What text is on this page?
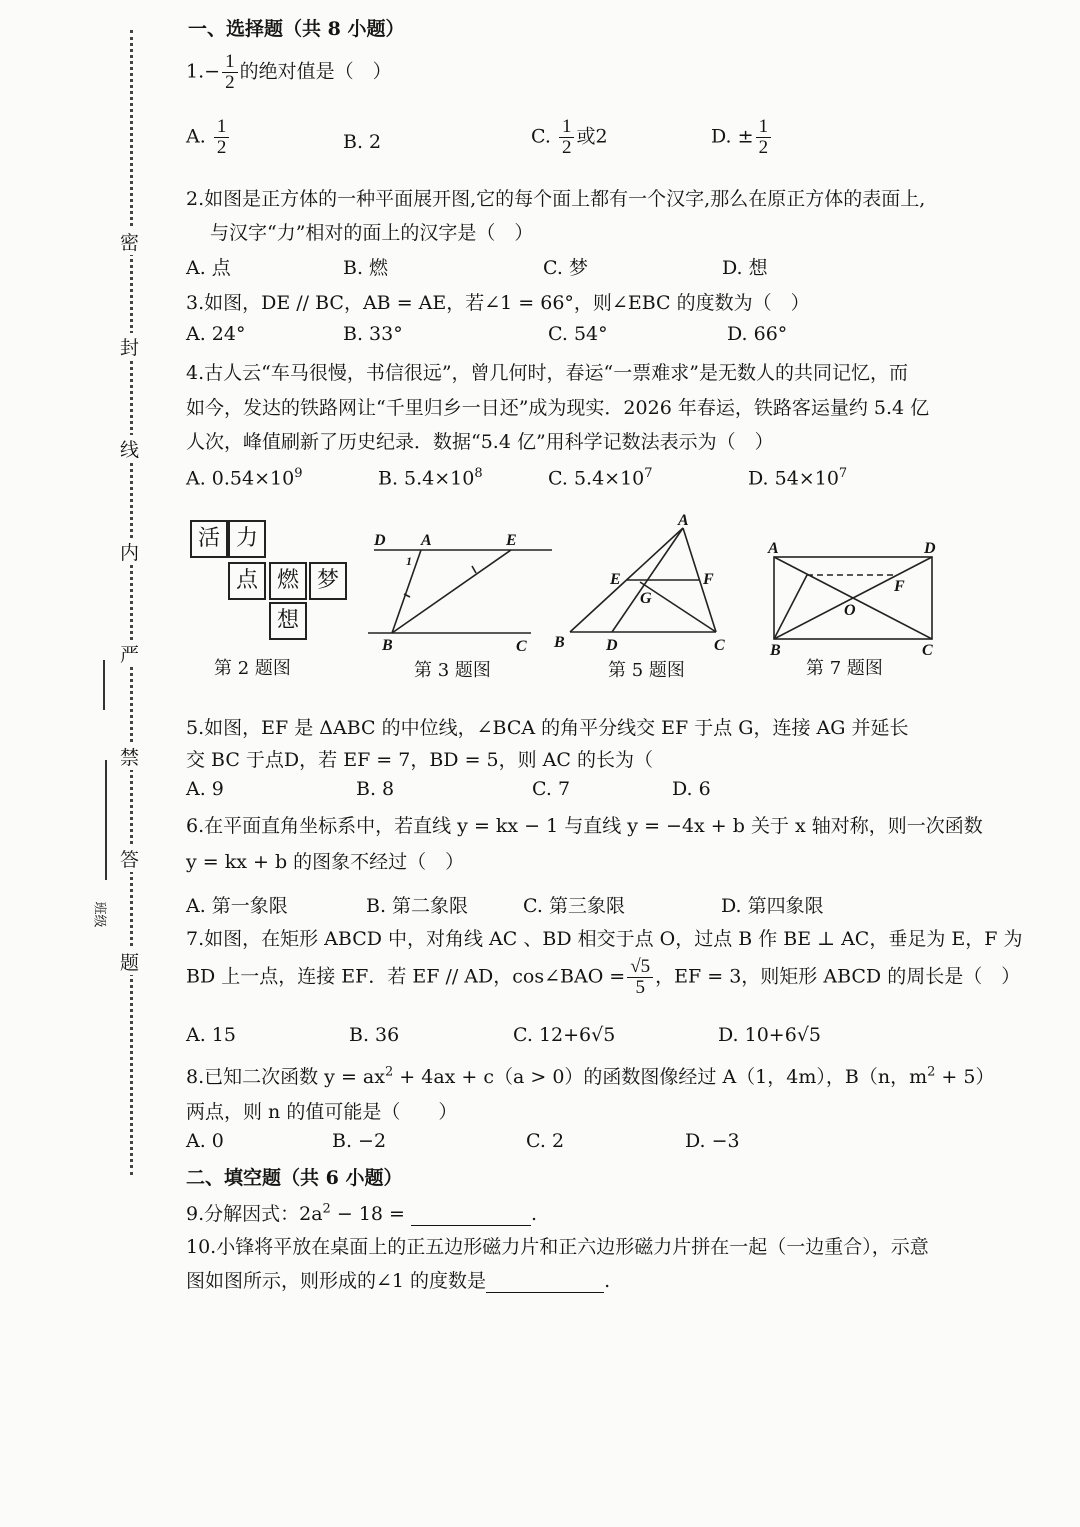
密
封
线
内
严
禁
答
题
班级
一、选择题（共 8 小题）
$1.- \frac{1}{2}$ 的绝对值是（　）
A. $\frac{1}{2}$	B. 2	C. $\frac{1}{2}$ 或2	D. ± $\frac{1}{2}$
2.如图是正方体的一种平面展开图,它的每个面上都有一个汉字,那么在原正方体的表面上,
与汉字“力”相对的面上的汉字是（　）
A. 点	B. 燃	C. 梦	D. 想
3.如图，DE // BC，AB = AE，若∠1 = 66°，则∠EBC 的度数为（　）
A. 24°	B. 33°	C. 54°	D. 66°
4.古人云“车马很慢，书信很远”，曾几何时，春运“一票难求”是无数人的共同记忆，而
如今，发达的铁路网让“千里归乡一日还”成为现实．2026 年春运，铁路客运量约 5.4 亿
人次，峰值刷新了历史纪录．数据“5.4 亿”用科学记数法表示为（　）
A. $0.54\times 10^9$	B. $5.4\times 10^8$	C. $5.4\times 10^7$	D. $54\times 10^7$
活 力
点 燃 梦
想
第 2 题图
D A	E
1
B	C
第 3 题图
A
E	F
G
B	D	C
第 5 题图
A	D
F
O
B	C
第 7 题图
5.如图，EF 是 ΔABC 的中位线，∠BCA 的角平分线交 EF 于点 G，连接 AG 并延长
交 BC 于点D，若 EF = 7，BD = 5，则 AC 的长为（
A. 9	B. 8	C. 7	D. 6
6.在平面直角坐标系中，若直线 y = kx − 1 与直线 y = −4x + b 关于 x 轴对称，则一次函数
y = kx + b 的图象不经过（　）
A. 第一象限	B. 第二象限	C. 第三象限	D. 第四象限
7.如图，在矩形 ABCD 中，对角线 AC 、BD 相交于点 O，过点 B 作 BE ⊥ AC，垂足为 E，F 为
BD 上一点，连接 EF．若 EF // AD，cos∠BAO = $\frac{√5}{5}$ ，EF = 3，则矩形 ABCD 的周长是（　）
A. 15	B. 36	C. 12+6√5	D. 10+6√5
8.已知二次函数 $y = ax^2 + 4ax + c(a > 0)$的函数图像经过 A（1，4m），B（n，$m^2 + 5$）
两点，则 n 的值可能是（　　）
A. 0	B. −2	C. 2	D. −3
二、填空题（共 6 小题）
9.分解因式：$2a^2 - 18$ =	.
10.小锋将平放在桌面上的正五边形磁力片和正六边形磁力片拼在一起（一边重合），示意
图如图所示，则形成的∠1 的度数是	.
